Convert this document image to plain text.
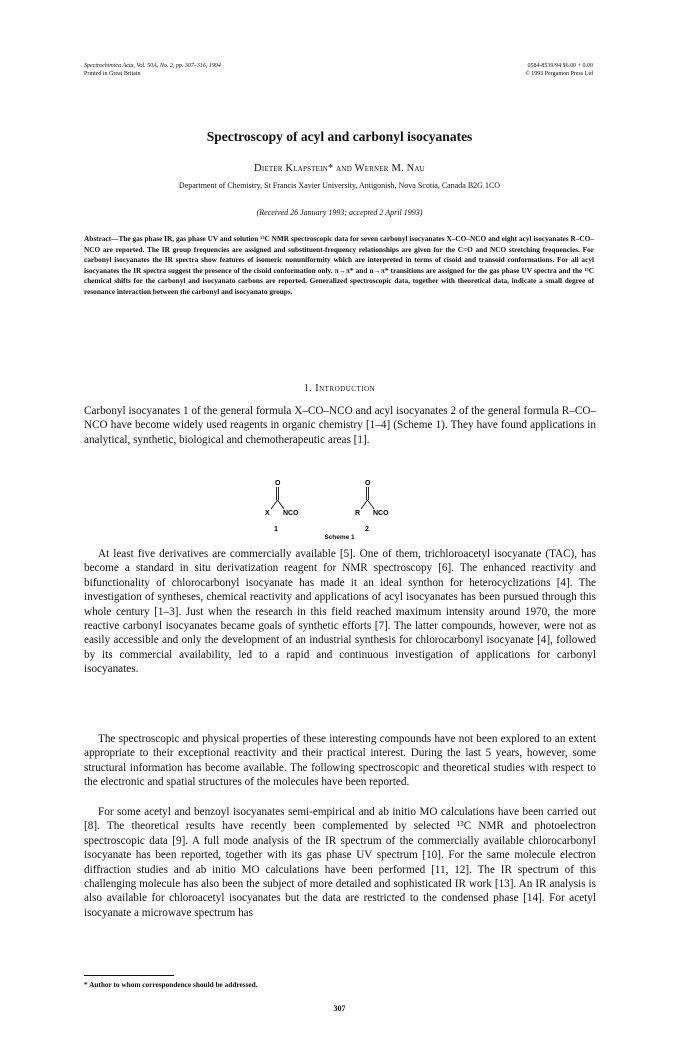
Spectrochimica Acta, Vol. 50A, No. 2, pp. 307–316, 1994
Printed in Great Britain
0584-8539/94 $6.00 + 0.00
© 1993 Pergamon Press Ltd
Spectroscopy of acyl and carbonyl isocyanates
Dieter Klapstein* and Werner M. Nau
Department of Chemistry, St Francis Xavier University, Antigonish, Nova Scotia, Canada B2G 1CO
(Received 26 January 1993; accepted 2 April 1993)
Abstract—The gas phase IR, gas phase UV and solution ¹³C NMR spectroscopic data for seven carbonyl isocyanates X–CO–NCO and eight acyl isocyanates R–CO–NCO are reported. The IR group frequencies are assigned and substituent-frequency relationships are given for the C=O and NCO stretching frequencies. For carbonyl isocyanates the IR spectra show features of isomeric nonuniformity which are interpreted in terms of cisoid and transoid conformations. For all acyl isocyanates the IR spectra suggest the presence of the cisoid conformation only. π→π* and n→π* transitions are assigned for the gas phase UV spectra and the ¹³C chemical shifts for the carbonyl and isocyanato carbons are reported. Generalized spectroscopic data, together with theoretical data, indicate a small degree of resonance interaction between the carbonyl and isocyanato groups.
1. Introduction
Carbonyl isocyanates 1 of the general formula X–CO–NCO and acyl isocyanates 2 of the general formula R–CO–NCO have become widely used reagents in organic chemistry [1–4] (Scheme 1). They have found applications in analytical, synthetic, biological and chemotherapeutic areas [1].
O
X NCO
1
O
R NCO
2
Scheme 1
At least five derivatives are commercially available [5]. One of them, trichloroacetyl isocyanate (TAC), has become a standard in situ derivatization reagent for NMR spectroscopy [6]. The enhanced reactivity and bifunctionality of chlorocarbonyl isocyanate has made it an ideal synthon for heterocyclizations [4]. The investigation of syntheses, chemical reactivity and applications of acyl isocyanates has been pursued through this whole century [1–3]. Just when the research in this field reached maximum intensity around 1970, the more reactive carbonyl isocyanates became goals of synthetic efforts [7]. The latter compounds, however, were not as easily accessible and only the development of an industrial synthesis for chlorocarbonyl isocyanate [4], followed by its commercial availability, led to a rapid and continuous investigation of applications for carbonyl isocyanates.
The spectroscopic and physical properties of these interesting compounds have not been explored to an extent appropriate to their exceptional reactivity and their practical interest. During the last 5 years, however, some structural information has become available. The following spectroscopic and theoretical studies with respect to the electronic and spatial structures of the molecules have been reported.
For some acetyl and benzoyl isocyanates semi-empirical and ab initio MO calculations have been carried out [8]. The theoretical results have recently been complemented by selected ¹³C NMR and photoelectron spectroscopic data [9]. A full mode analysis of the IR spectrum of the commercially available chlorocarbonyl isocyanate has been reported, together with its gas phase UV spectrum [10]. For the same molecule electron diffraction studies and ab initio MO calculations have been performed [11, 12]. The IR spectrum of this challenging molecule has also been the subject of more detailed and sophisticated IR work [13]. An IR analysis is also available for chloroacetyl isocyanates but the data are restricted to the condensed phase [14]. For acetyl isocyanate a microwave spectrum has
* Author to whom correspondence should be addressed.
307
